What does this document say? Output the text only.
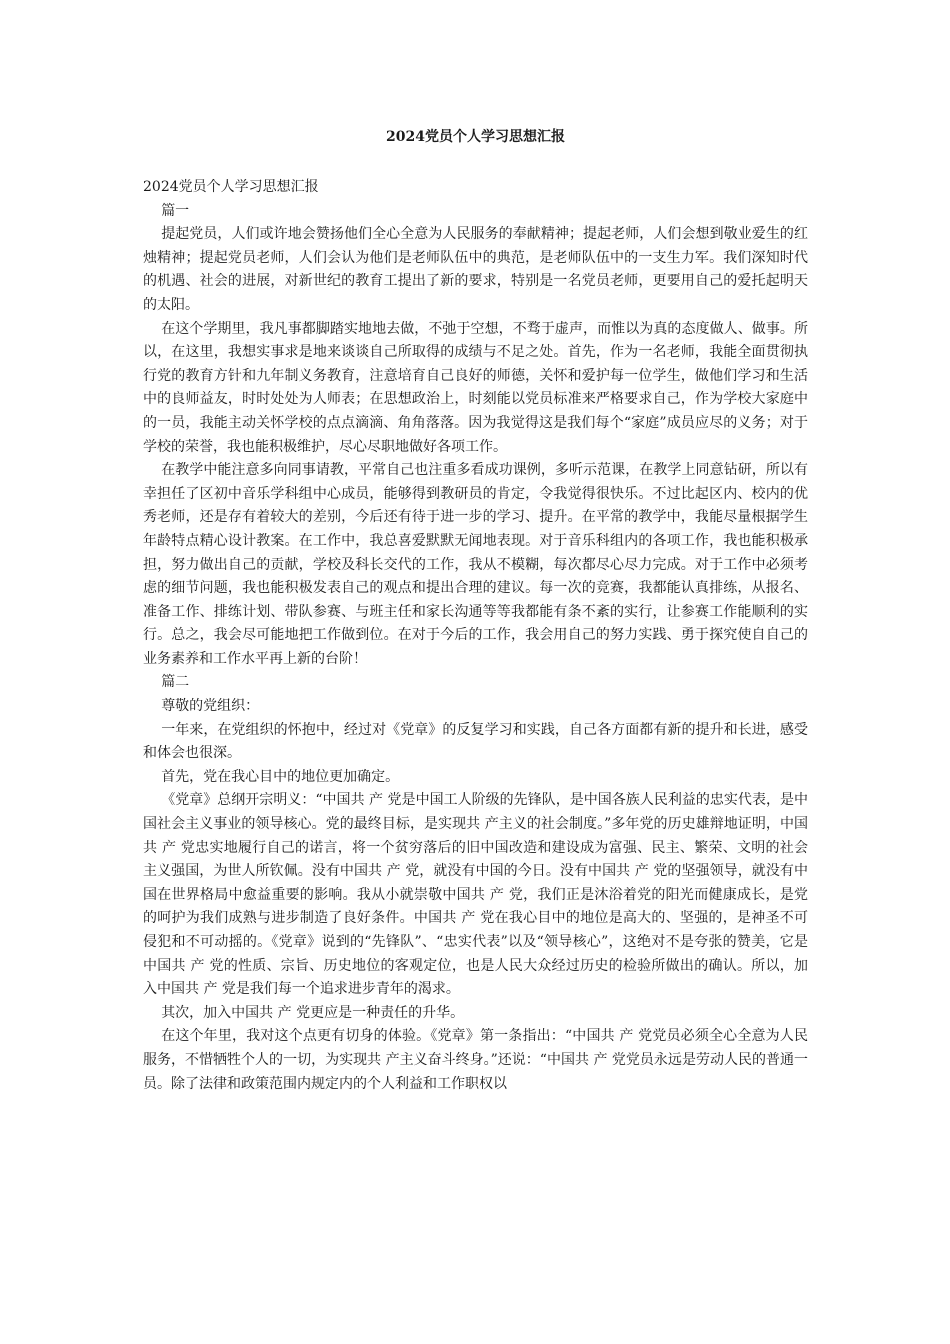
2024党员个人学习思想汇报

2024党员个人学习思想汇报

篇一

提起党员，人们或许地会赞扬他们全心全意为人民服务的奉献精神；提起老师，人们会想到敬业爱生的红烛精神；提起党员老师，人们会认为他们是老师队伍中的典范，是老师队伍中的一支生力军。我们深知时代的机遇、社会的进展，对新世纪的教育工提出了新的要求，特别是一名党员老师，更要用自己的爱托起明天的太阳。

在这个学期里，我凡事都脚踏实地地去做，不弛于空想，不骛于虚声，而惟以为真的态度做人、做事。所以，在这里，我想实事求是地来谈谈自己所取得的成绩与不足之处。首先，作为一名老师，我能全面贯彻执行党的教育方针和九年制义务教育，注意培育自己良好的师德，关怀和爱护每一位学生，做他们学习和生活中的良师益友，时时处处为人师表；在思想政治上，时刻能以党员标准来严格要求自己，作为学校大家庭中的一员，我能主动关怀学校的点点滴滴、角角落落。因为我觉得这是我们每个“家庭”成员应尽的义务；对于学校的荣誉，我也能积极维护，尽心尽职地做好各项工作。

在教学中能注意多向同事请教，平常自己也注重多看成功课例，多听示范课，在教学上同意钻研，所以有幸担任了区初中音乐学科组中心成员，能够得到教研员的肯定，令我觉得很快乐。不过比起区内、校内的优秀老师，还是存有着较大的差别，今后还有待于进一步的学习、提升。在平常的教学中，我能尽量根据学生年龄特点精心设计教案。在工作中，我总喜爱默默无闻地表现。对于音乐科组内的各项工作，我也能积极承担，努力做出自己的贡献，学校及科长交代的工作，我从不模糊，每次都尽心尽力完成。对于工作中必须考虑的细节问题，我也能积极发表自己的观点和提出合理的建议。每一次的竞赛，我都能认真排练，从报名、准备工作、排练计划、带队参赛、与班主任和家长沟通等等我都能有条不紊的实行，让参赛工作能顺利的实行。总之，我会尽可能地把工作做到位。在对于今后的工作，我会用自己的努力实践、勇于探究使自自己的业务素养和工作水平再上新的台阶！

篇二

尊敬的党组织：

一年来，在党组织的怀抱中，经过对《党章》的反复学习和实践，自己各方面都有新的提升和长进，感受和体会也很深。

首先，党在我心目中的地位更加确定。

《党章》总纲开宗明义：“中国共 产 党是中国工人阶级的先锋队，是中国各族人民利益的忠实代表，是中国社会主义事业的领导核心。党的最终目标，是实现共 产主义的社会制度。”多年党的历史雄辩地证明，中国共 产 党忠实地履行自己的诺言，将一个贫穷落后的旧中国改造和建设成为富强、民主、繁荣、文明的社会主义强国，为世人所钦佩。没有中国共 产 党，就没有中国的今日。没有中国共 产 党的坚强领导，就没有中国在世界格局中愈益重要的影响。我从小就崇敬中国共 产 党，我们正是沐浴着党的阳光而健康成长，是党的呵护为我们成熟与进步制造了良好条件。中国共 产 党在我心目中的地位是高大的、坚强的，是神圣不可侵犯和不可动摇的。《党章》说到的“先锋队”、“忠实代表”以及“领导核心”，这绝对不是夸张的赞美，它是中国共 产 党的性质、宗旨、历史地位的客观定位，也是人民大众经过历史的检验所做出的确认。所以，加入中国共 产 党是我们每一个追求进步青年的渴求。

其次，加入中国共 产 党更应是一种责任的升华。

在这个年里，我对这个点更有切身的体验。《党章》第一条指出：“中国共 产 党党员必须全心全意为人民服务，不惜牺牲个人的一切，为实现共 产主义奋斗终身。”还说：“中国共 产 党党员永远是劳动人民的普通一员。除了法律和政策范围内规定内的个人利益和工作职权以
